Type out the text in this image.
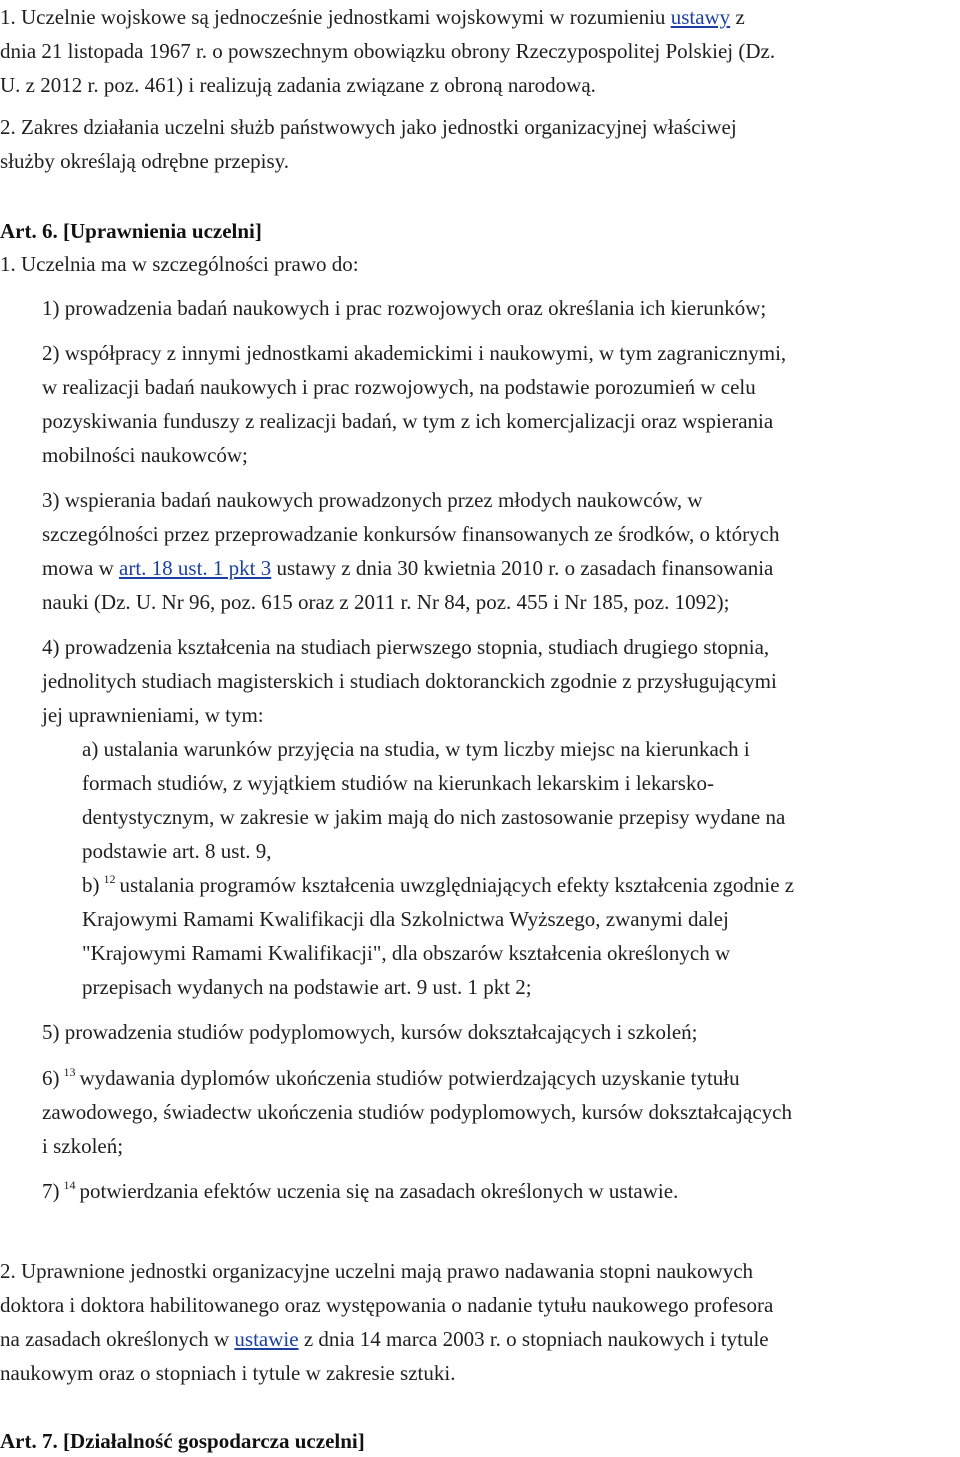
1. Uczelnie wojskowe są jednocześnie jednostkami wojskowymi w rozumieniu ustawy z
dnia 21 listopada 1967 r. o powszechnym obowiązku obrony Rzeczypospolitej Polskiej (Dz.
U. z 2012 r. poz. 461) i realizują zadania związane z obroną narodową.
2. Zakres działania uczelni służb państwowych jako jednostki organizacyjnej właściwej
służby określają odrębne przepisy.
Art. 6. [Uprawnienia uczelni]
1. Uczelnia ma w szczególności prawo do:
1) prowadzenia badań naukowych i prac rozwojowych oraz określania ich kierunków;
2) współpracy z innymi jednostkami akademickimi i naukowymi, w tym zagranicznymi,
w realizacji badań naukowych i prac rozwojowych, na podstawie porozumień w celu
pozyskiwania funduszy z realizacji badań, w tym z ich komercjalizacji oraz wspierania
mobilności naukowców;
3) wspierania badań naukowych prowadzonych przez młodych naukowców, w
szczególności przez przeprowadzanie konkursów finansowanych ze środków, o których
mowa w art. 18 ust. 1 pkt 3 ustawy z dnia 30 kwietnia 2010 r. o zasadach finansowania
nauki (Dz. U. Nr 96, poz. 615 oraz z 2011 r. Nr 84, poz. 455 i Nr 185, poz. 1092);
4) prowadzenia kształcenia na studiach pierwszego stopnia, studiach drugiego stopnia,
jednolitych studiach magisterskich i studiach doktoranckich zgodnie z przysługującymi
jej uprawnieniami, w tym:
a) ustalania warunków przyjęcia na studia, w tym liczby miejsc na kierunkach i
formach studiów, z wyjątkiem studiów na kierunkach lekarskim i lekarsko-
dentystycznym, w zakresie w jakim mają do nich zastosowanie przepisy wydane na
podstawie art. 8 ust. 9,
b) $^{12}$ ustalania programów kształcenia uwzględniających efekty kształcenia zgodnie z
Krajowymi Ramami Kwalifikacji dla Szkolnictwa Wyższego, zwanymi dalej
"Krajowymi Ramami Kwalifikacji", dla obszarów kształcenia określonych w
przepisach wydanych na podstawie art. 9 ust. 1 pkt 2;
5) prowadzenia studiów podyplomowych, kursów dokształcających i szkoleń;
6) $^{13}$ wydawania dyplomów ukończenia studiów potwierdzających uzyskanie tytułu
zawodowego, świadectw ukończenia studiów podyplomowych, kursów dokształcających
i szkoleń;
7) $^{14}$ potwierdzania efektów uczenia się na zasadach określonych w ustawie.
2. Uprawnione jednostki organizacyjne uczelni mają prawo nadawania stopni naukowych
doktora i doktora habilitowanego oraz występowania o nadanie tytułu naukowego profesora
na zasadach określonych w ustawie z dnia 14 marca 2003 r. o stopniach naukowych i tytule
naukowym oraz o stopniach i tytule w zakresie sztuki.
Art. 7. [Działalność gospodarcza uczelni]
